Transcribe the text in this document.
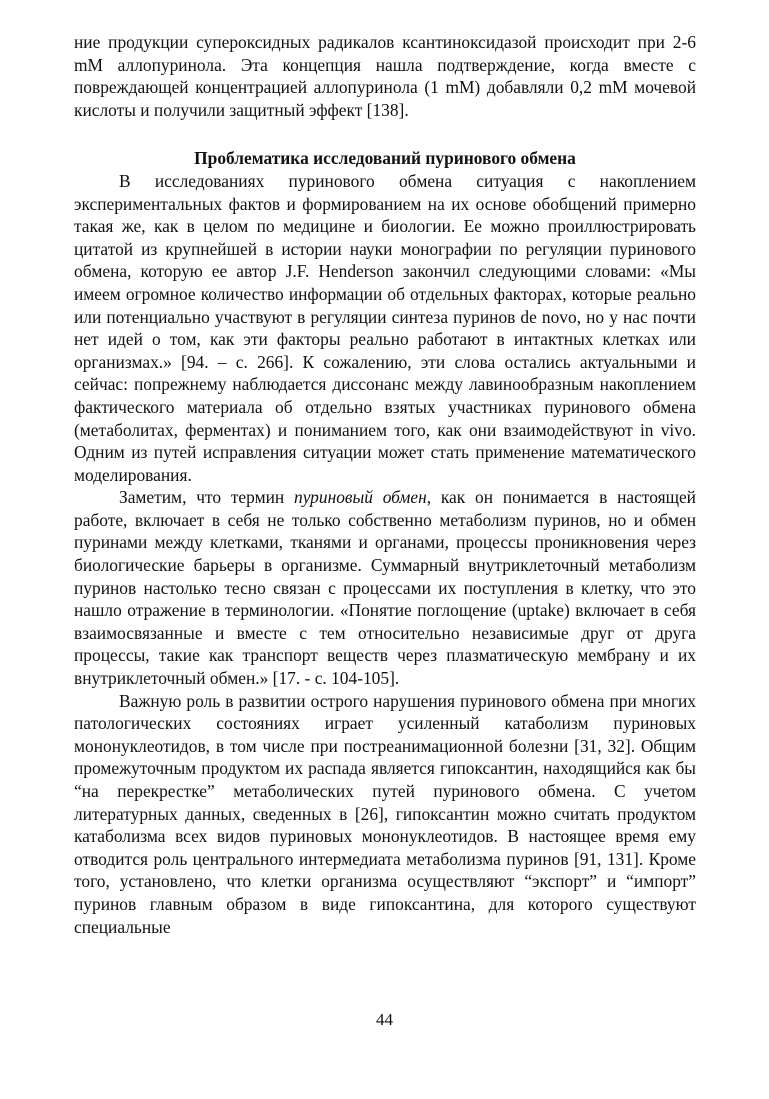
ние продукции супероксидных радикалов ксантиноксидазой происходит при 2-6 mM аллопуринола. Эта концепция нашла подтверждение, когда вместе с повреждающей концентрацией аллопуринола (1 mM) добавляли 0,2 mM мочевой кислоты и получили защитный эффект [138].

Проблематика исследований пуринового обмена

В исследованиях пуринового обмена ситуация с накоплением экспериментальных фактов и формированием на их основе обобщений примерно такая же, как в целом по медицине и биологии. Ее можно проиллюстрировать цитатой из крупнейшей в истории науки монографии по регуляции пуринового обмена, которую ее автор J.F. Henderson закончил следующими словами: «Мы имеем огромное количество информации об отдельных факторах, которые реально или потенциально участвуют в регуляции синтеза пуринов de novo, но у нас почти нет идей о том, как эти факторы реально работают в интактных клетках или организмах.» [94. – с. 266]. К сожалению, эти слова остались актуальными и сейчас: попрежнему наблюдается диссонанс между лавинообразным накоплением фактического материала об отдельно взятых участниках пуринового обмена (метаболитах, ферментах) и пониманием того, как они взаимодействуют in vivo. Одним из путей исправления ситуации может стать применение математического моделирования.

Заметим, что термин пуриновый обмен, как он понимается в настоящей работе, включает в себя не только собственно метаболизм пуринов, но и обмен пуринами между клетками, тканями и органами, процессы проникновения через биологические барьеры в организме. Суммарный внутриклеточный метаболизм пуринов настолько тесно связан с процессами их поступления в клетку, что это нашло отражение в терминологии. «Понятие поглощение (uptake) включает в себя взаимосвязанные и вместе с тем относительно независимые друг от друга процессы, такие как транспорт веществ через плазматическую мембрану и их внутриклеточный обмен.» [17. - с. 104-105].

Важную роль в развитии острого нарушения пуринового обмена при многих патологических состояниях играет усиленный катаболизм пуриновых мононуклеотидов, в том числе при постреанимационной болезни [31, 32]. Общим промежуточным продуктом их распада является гипоксантин, находящийся как бы “на перекрестке” метаболических путей пуринового обмена. С учетом литературных данных, сведенных в [26], гипоксантин можно считать продуктом катаболизма всех видов пуриновых мононуклеотидов. В настоящее время ему отводится роль центрального интермедиата метаболизма пуринов [91, 131]. Кроме того, установлено, что клетки организма осуществляют “экспорт” и “импорт” пуринов главным образом в виде гипоксантина, для которого существуют специальные

44
